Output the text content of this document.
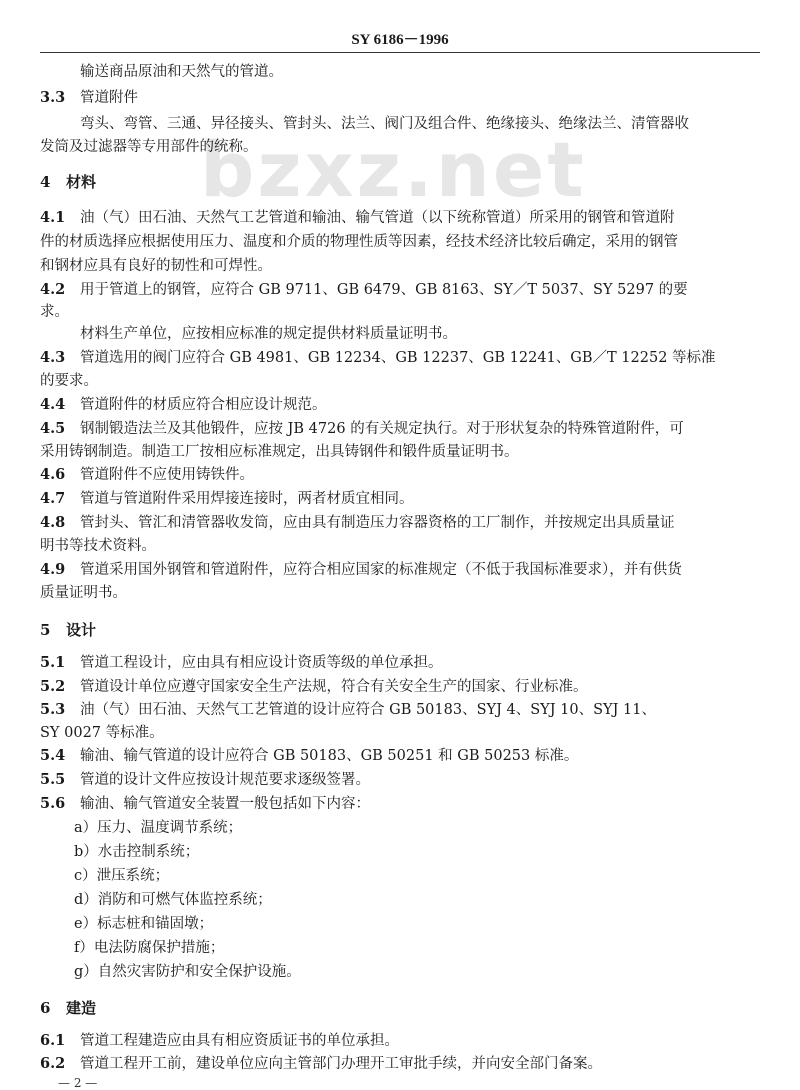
SY 6186－1996
bzxz.net
输送商品原油和天然气的管道。
3.3 管道附件
弯头、弯管、三通、异径接头、管封头、法兰、阀门及组合件、绝缘接头、绝缘法兰、清管器收
发筒及过滤器等专用部件的统称。
4 材料
4.1 油（气）田石油、天然气工艺管道和输油、输气管道（以下统称管道）所采用的钢管和管道附
件的材质选择应根据使用压力、温度和介质的物理性质等因素，经技术经济比较后确定，采用的钢管
和钢材应具有良好的韧性和可焊性。
4.2 用于管道上的钢管，应符合 GB 9711、GB 6479、GB 8163、SY／T 5037、SY 5297 的要
求。
材料生产单位，应按相应标准的规定提供材料质量证明书。
4.3 管道选用的阀门应符合 GB 4981、GB 12234、GB 12237、GB 12241、GB／T 12252 等标准
的要求。
4.4 管道附件的材质应符合相应设计规范。
4.5 钢制锻造法兰及其他锻件，应按 JB 4726 的有关规定执行。对于形状复杂的特殊管道附件，可
采用铸钢制造。制造工厂按相应标准规定，出具铸钢件和锻件质量证明书。
4.6 管道附件不应使用铸铁件。
4.7 管道与管道附件采用焊接连接时，两者材质宜相同。
4.8 管封头、管汇和清管器收发筒，应由具有制造压力容器资格的工厂制作，并按规定出具质量证
明书等技术资料。
4.9 管道采用国外钢管和管道附件，应符合相应国家的标准规定（不低于我国标准要求），并有供货
质量证明书。
5 设计
5.1 管道工程设计，应由具有相应设计资质等级的单位承担。
5.2 管道设计单位应遵守国家安全生产法规，符合有关安全生产的国家、行业标准。
5.3 油（气）田石油、天然气工艺管道的设计应符合 GB 50183、SYJ 4、SYJ 10、SYJ 11、
SY 0027 等标准。
5.4 输油、输气管道的设计应符合 GB 50183、GB 50251 和 GB 50253 标准。
5.5 管道的设计文件应按设计规范要求逐级签署。
5.6 输油、输气管道安全装置一般包括如下内容：
a）压力、温度调节系统；
b）水击控制系统；
c）泄压系统；
d）消防和可燃气体监控系统；
e）标志桩和锚固墩；
f）电法防腐保护措施；
g）自然灾害防护和安全保护设施。
6 建造
6.1 管道工程建造应由具有相应资质证书的单位承担。
6.2 管道工程开工前，建设单位应向主管部门办理开工审批手续，并向安全部门备案。
— 2 —
